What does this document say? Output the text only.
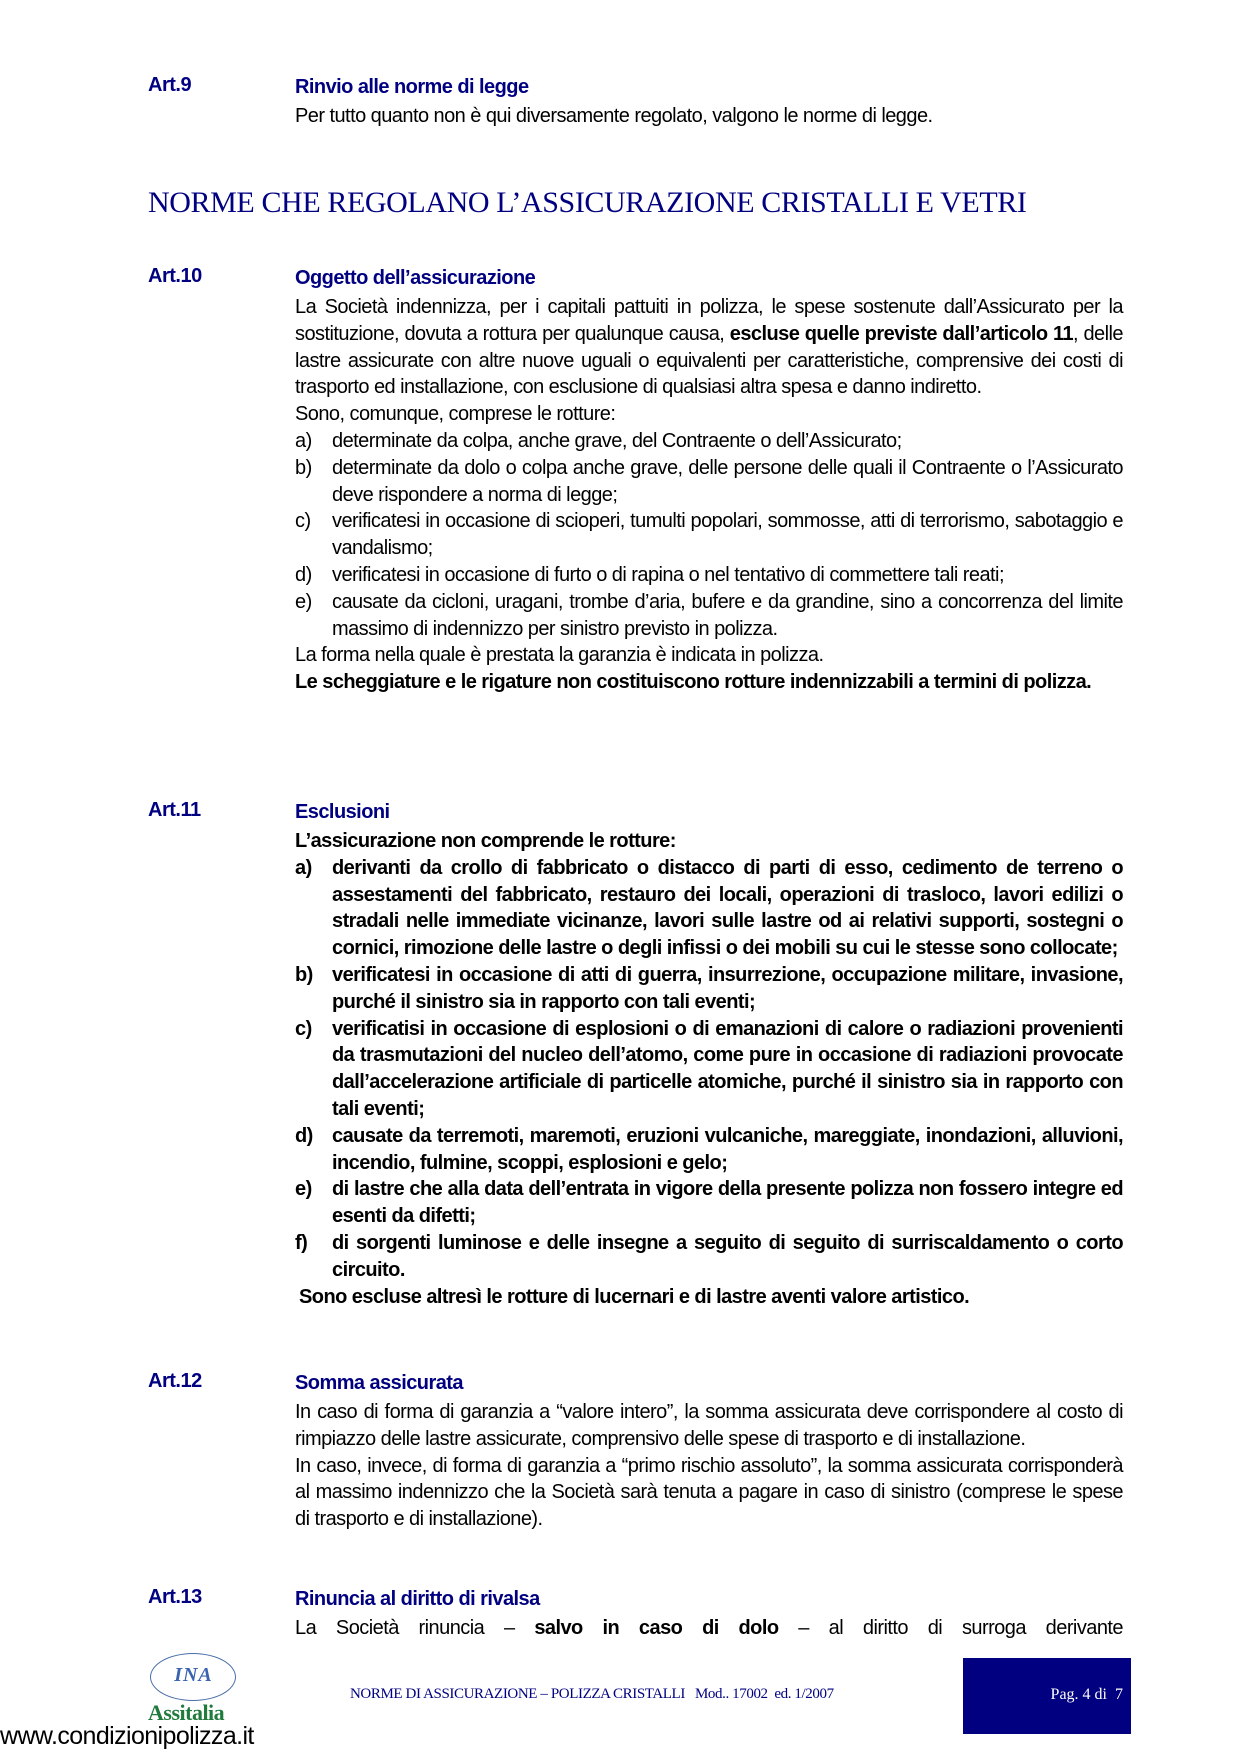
Art.9	Rinvio alle norme di legge

Per tutto quanto non è qui diversamente regolato, valgono le norme di legge.

NORME CHE REGOLANO L’ASSICURAZIONE CRISTALLI E VETRI
Art.10	Oggetto dell’assicurazione

La Società indennizza, per i capitali pattuiti in polizza, le spese sostenute dall’Assicurato per la sostituzione, dovuta a rottura per qualunque causa, escluse quelle previste dall’articolo 11, delle lastre assicurate con altre nuove uguali o equivalenti per caratteristiche, comprensive dei costi di trasporto ed installazione, con esclusione di qualsiasi altra spesa e danno indiretto.

Sono, comunque, comprese le rotture:

a)	determinate da colpa, anche grave, del Contraente o dell’Assicurato;
b)	determinate da dolo o colpa anche grave, delle persone delle quali il Contraente o l’Assicurato deve rispondere a norma di legge;
c)	verificatesi in occasione di scioperi, tumulti popolari, sommosse, atti di terrorismo, sabotaggio e vandalismo;
d)	verificatesi in occasione di furto o di rapina o nel tentativo di commettere tali reati;
e)	causate da cicloni, uragani, trombe d’aria, bufere e da grandine, sino a concorrenza del limite massimo di indennizzo per sinistro previsto in polizza.

La forma nella quale è prestata la garanzia è indicata in polizza.

Le scheggiature e le rigature non costituiscono rotture indennizzabili a termini di polizza.

Art.11	Esclusioni

L’assicurazione non comprende le rotture:

a)	derivanti da crollo di fabbricato o distacco di parti di esso, cedimento de terreno o assestamenti del fabbricato, restauro dei locali, operazioni di trasloco, lavori edilizi o stradali nelle immediate vicinanze, lavori sulle lastre od ai relativi supporti, sostegni o cornici, rimozione delle lastre o degli infissi o dei mobili su cui le stesse sono collocate;
b) verificatesi in occasione di atti di guerra, insurrezione, occupazione militare, invasione, purché il sinistro sia in rapporto con tali eventi;
c)	verificatisi in occasione di esplosioni o di emanazioni di calore o radiazioni provenienti da trasmutazioni del nucleo dell’atomo, come pure in occasione di radiazioni provocate dall’accelerazione artificiale di particelle atomiche, purché il sinistro sia in rapporto con tali eventi;
d) causate da terremoti, maremoti, eruzioni vulcaniche, mareggiate, inondazioni, alluvioni, incendio, fulmine, scoppi, esplosioni e gelo;
e)	di lastre che alla data dell’entrata in vigore della presente polizza non fossero integre ed esenti da difetti;
f)	di sorgenti luminose e delle insegne a seguito di seguito di surriscaldamento o corto circuito.

Sono escluse altresì le rotture di lucernari e di lastre aventi valore artistico.

Art.12	Somma assicurata

In caso di forma di garanzia a “valore intero”, la somma assicurata deve corrispondere al costo di rimpiazzo delle lastre assicurate, comprensivo delle spese di trasporto e di installazione.

In caso, invece, di forma di garanzia a “primo rischio assoluto”, la somma assicurata corrisponderà al massimo indennizzo che la Società sarà tenuta a pagare in caso di sinistro (comprese le spese di trasporto e di installazione).

Art.13	Rinuncia al diritto di rivalsa

La Società rinuncia – salvo in caso di dolo – al diritto di surroga derivante

INA
Assitalia
NORME DI ASSICURAZIONE – POLIZZA CRISTALLI   Mod.. 17002  ed. 1/2007	Pag. 4 di  7
www.condizionipolizza.it
